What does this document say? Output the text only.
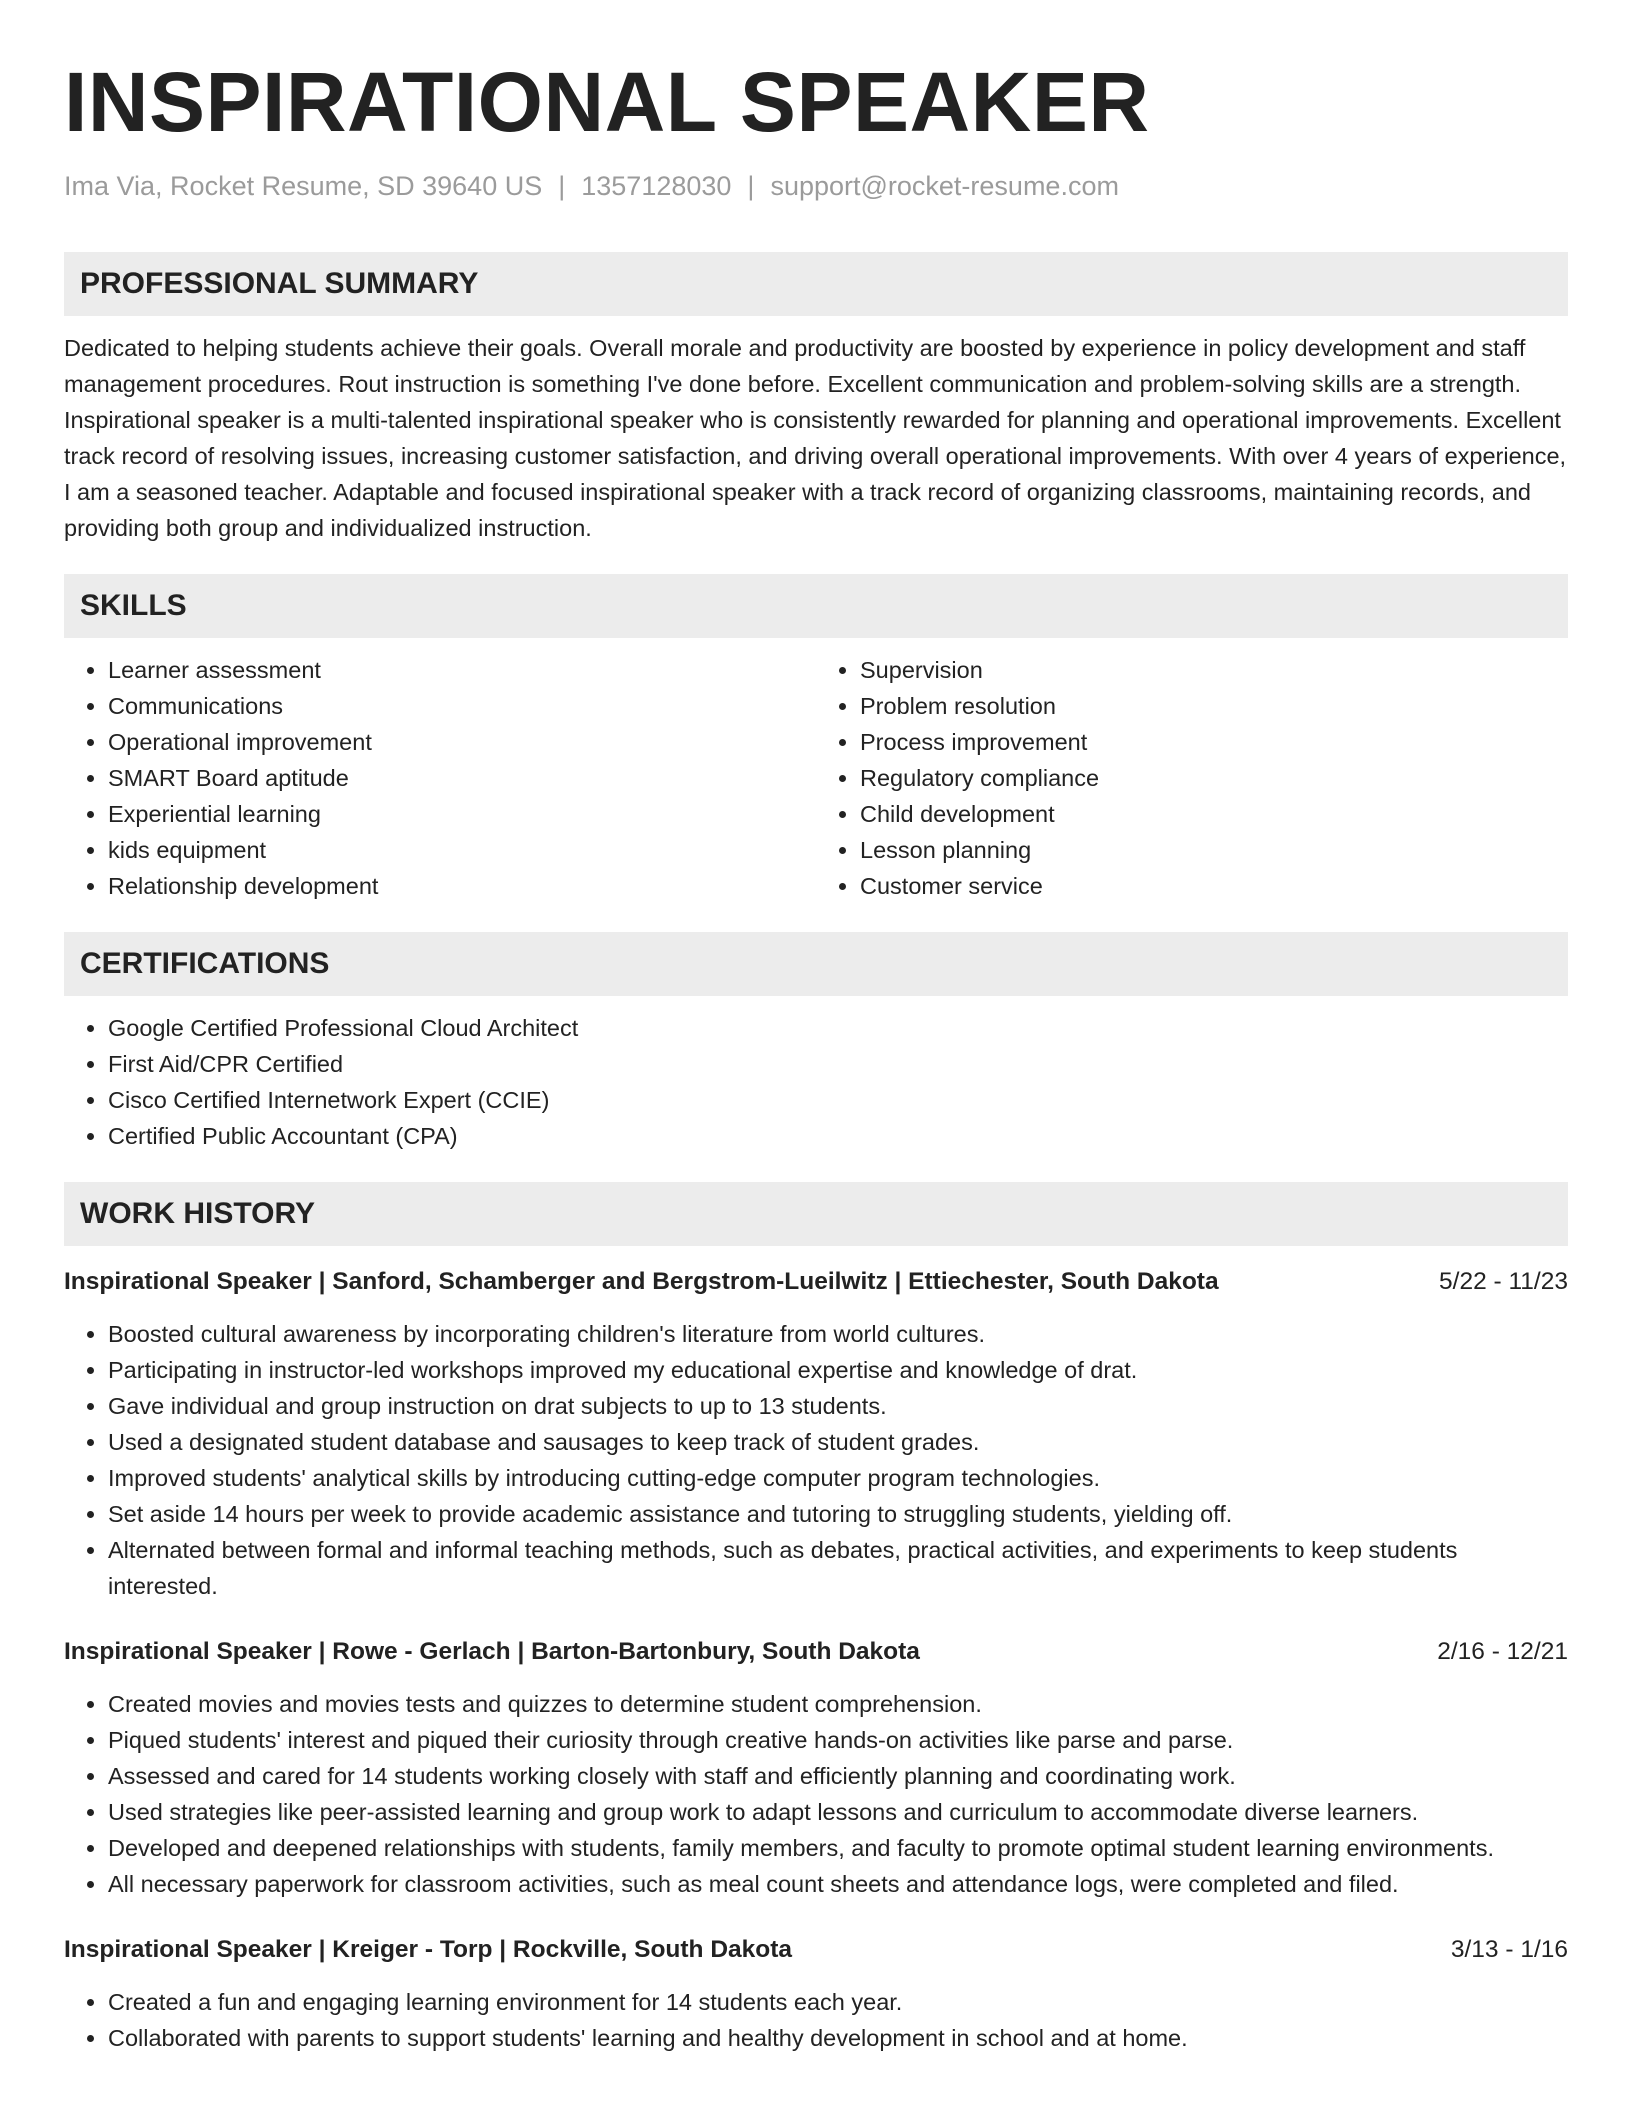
INSPIRATIONAL SPEAKER
Ima Via, Rocket Resume, SD 39640 US | 1357128030 | support@rocket-resume.com
PROFESSIONAL SUMMARY

Dedicated to helping students achieve their goals. Overall morale and productivity are boosted by experience in policy development and staff management procedures. Rout instruction is something I've done before. Excellent communication and problem-solving skills are a strength. Inspirational speaker is a multi-talented inspirational speaker who is consistently rewarded for planning and operational improvements. Excellent track record of resolving issues, increasing customer satisfaction, and driving overall operational improvements. With over 4 years of experience, I am a seasoned teacher. Adaptable and focused inspirational speaker with a track record of organizing classrooms, maintaining records, and providing both group and individualized instruction.

SKILLS
• Learner assessment
• Communications
• Operational improvement
• SMART Board aptitude
• Experiential learning
• kids equipment
• Relationship development
• Supervision
• Problem resolution
• Process improvement
• Regulatory compliance
• Child development
• Lesson planning
• Customer service
CERTIFICATIONS
• Google Certified Professional Cloud Architect
• First Aid/CPR Certified
• Cisco Certified Internetwork Expert (CCIE)
• Certified Public Accountant (CPA)
WORK HISTORY
Inspirational Speaker | Sanford, Schamberger and Bergstrom-Lueilwitz | Ettiechester, South Dakota	5/22 - 11/23
• Boosted cultural awareness by incorporating children's literature from world cultures.
• Participating in instructor-led workshops improved my educational expertise and knowledge of drat.
• Gave individual and group instruction on drat subjects to up to 13 students.
• Used a designated student database and sausages to keep track of student grades.
• Improved students' analytical skills by introducing cutting-edge computer program technologies.
• Set aside 14 hours per week to provide academic assistance and tutoring to struggling students, yielding off.
• Alternated between formal and informal teaching methods, such as debates, practical activities, and experiments to keep students interested.
Inspirational Speaker | Rowe - Gerlach | Barton-Bartonbury, South Dakota	2/16 - 12/21
• Created movies and movies tests and quizzes to determine student comprehension.
• Piqued students' interest and piqued their curiosity through creative hands-on activities like parse and parse.
• Assessed and cared for 14 students working closely with staff and efficiently planning and coordinating work.
• Used strategies like peer-assisted learning and group work to adapt lessons and curriculum to accommodate diverse learners.
• Developed and deepened relationships with students, family members, and faculty to promote optimal student learning environments.
• All necessary paperwork for classroom activities, such as meal count sheets and attendance logs, were completed and filed.
Inspirational Speaker | Kreiger - Torp | Rockville, South Dakota	3/13 - 1/16
• Created a fun and engaging learning environment for 14 students each year.
• Collaborated with parents to support students' learning and healthy development in school and at home.
